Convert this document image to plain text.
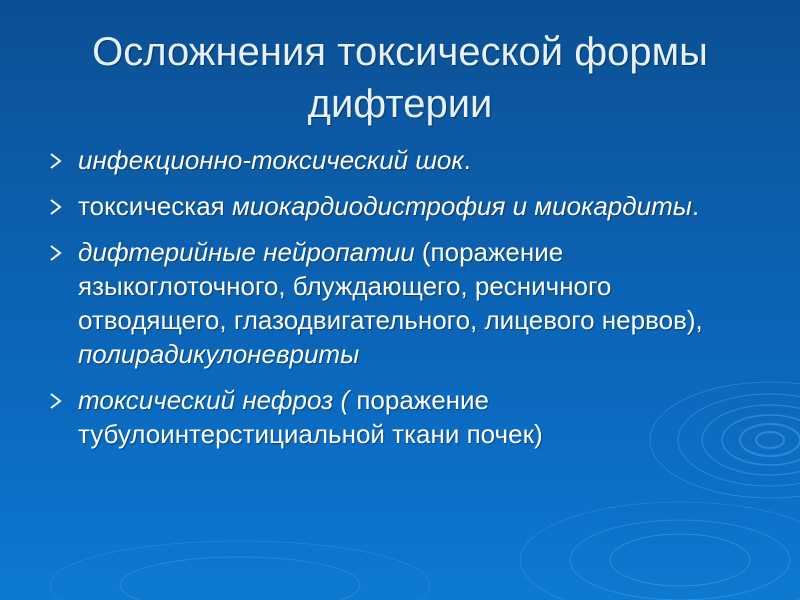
Осложнения токсической формы дифтерии
инфекционно-токсический шок.
токсическая миокардиодистрофия и миокардиты.
дифтерийные нейропатии (поражение языкоглоточного, блуждающего, ресничного отводящего, глазодвигательного, лицевого нервов), полирадикулоневриты
токсический нефроз ( поражение тубулоинтерстициальной ткани почек)
